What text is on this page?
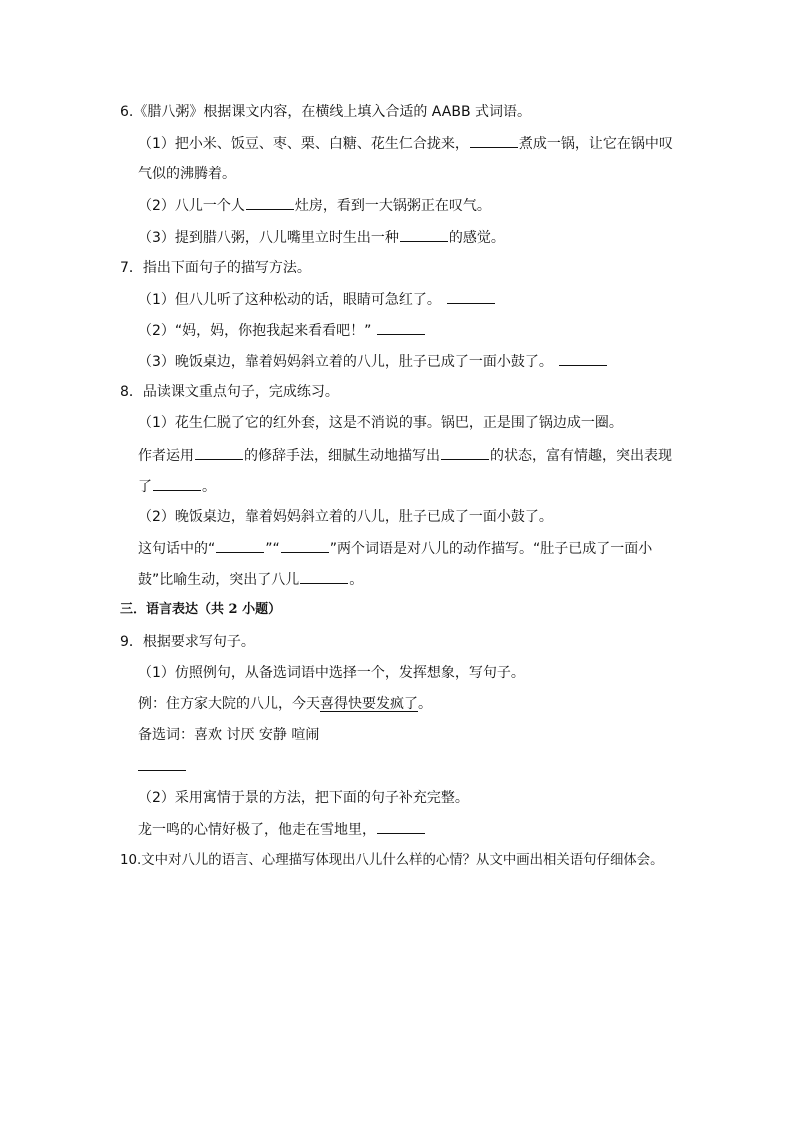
6.《腊八粥》根据课文内容，在横线上填入合适的 AABB 式词语。
（1）把小米、饭豆、枣、栗、白糖、花生仁合拢来，	煮成一锅，让它在锅中叹
气似的沸腾着。
（2）八儿一个人	灶房，看到一大锅粥正在叹气。
（3）提到腊八粥，八儿嘴里立时生出一种	的感觉。
7．指出下面句子的描写方法。
（1）但八儿听了这种松动的话，眼睛可急红了。
（2）“妈，妈，你抱我起来看看吧！”
（3）晚饭桌边，靠着妈妈斜立着的八儿，肚子已成了一面小鼓了。
8．品读课文重点句子，完成练习。
（1）花生仁脱了它的红外套，这是不消说的事。锅巴，正是围了锅边成一圈。
作者运用	的修辞手法，细腻生动地描写出	的状态，富有情趣，突出表现
了	。
（2）晚饭桌边，靠着妈妈斜立着的八儿，肚子已成了一面小鼓了。
这句话中的“	”“	”两个词语是对八儿的动作描写。“肚子已成了一面小
鼓”比喻生动，突出了八儿	。
三．语言表达（共 2 小题）
9．根据要求写句子。
（1）仿照例句，从备选词语中选择一个，发挥想象，写句子。
例：住方家大院的八儿，今天喜得快要发疯了。
备选词：喜欢 讨厌 安静 喧闹
（2）采用寓情于景的方法，把下面的句子补充完整。
龙一鸣的心情好极了，他走在雪地里，
10.文中对八儿的语言、心理描写体现出八儿什么样的心情？从文中画出相关语句仔细体会。
